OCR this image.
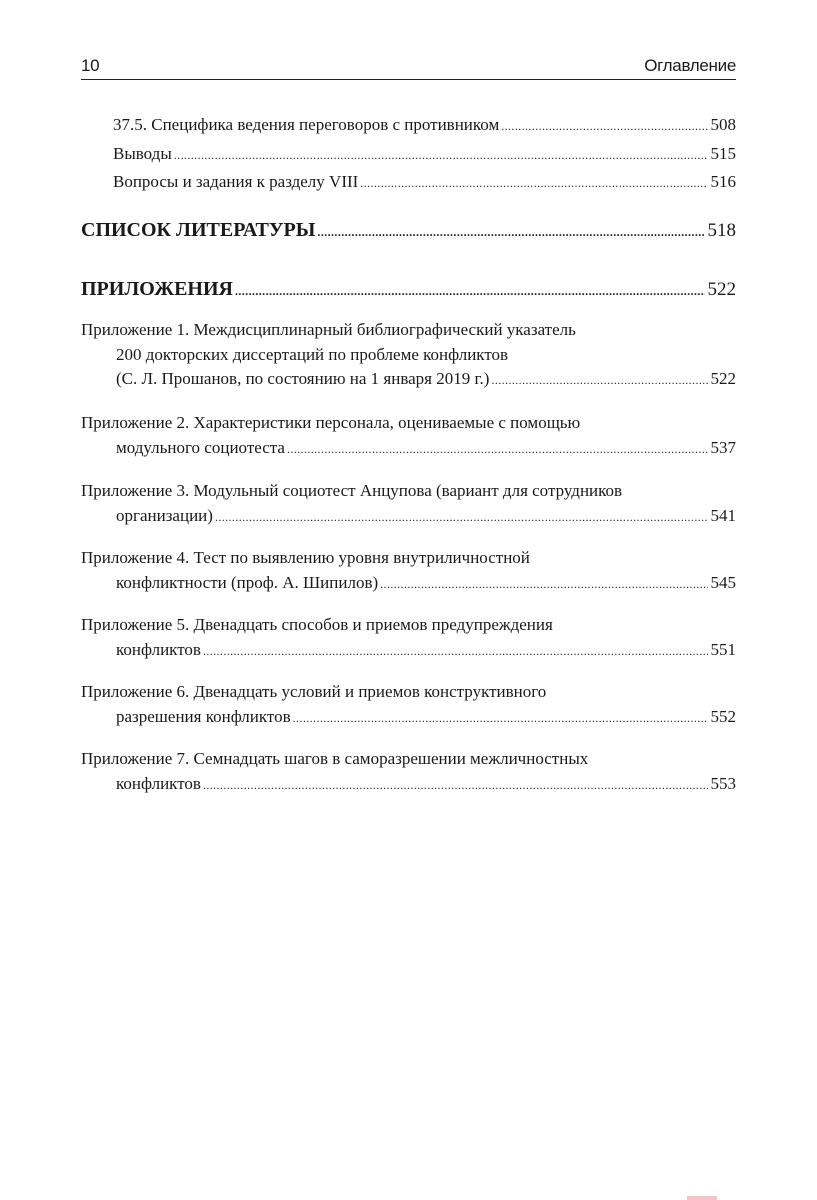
10	Оглавление
37.5. Специфика ведения переговоров с противником .....	508
Выводы .....	515
Вопросы и задания к разделу VIII .....	516
СПИСОК ЛИТЕРАТУРЫ .....	518
ПРИЛОЖЕНИЯ .....	522
Приложение 1. Междисциплинарный библиографический указатель
200 докторских диссертаций по проблеме конфликтов
(С. Л. Прошанов, по состоянию на 1 января 2019 г.) .....	522
Приложение 2. Характеристики персонала, оцениваемые с помощью
модульного социотеста .....	537
Приложение 3. Модульный социотест Анцупова (вариант для сотрудников
организации) .....	541
Приложение 4. Тест по выявлению уровня внутриличностной
конфликтности (проф. А. Шипилов) .....	545
Приложение 5. Двенадцать способов и приемов предупреждения
конфликтов .....	551
Приложение 6. Двенадцать условий и приемов конструктивного
разрешения конфликтов .....	552
Приложение 7. Семнадцать шагов в саморазрешении межличностных
конфликтов .....	553
